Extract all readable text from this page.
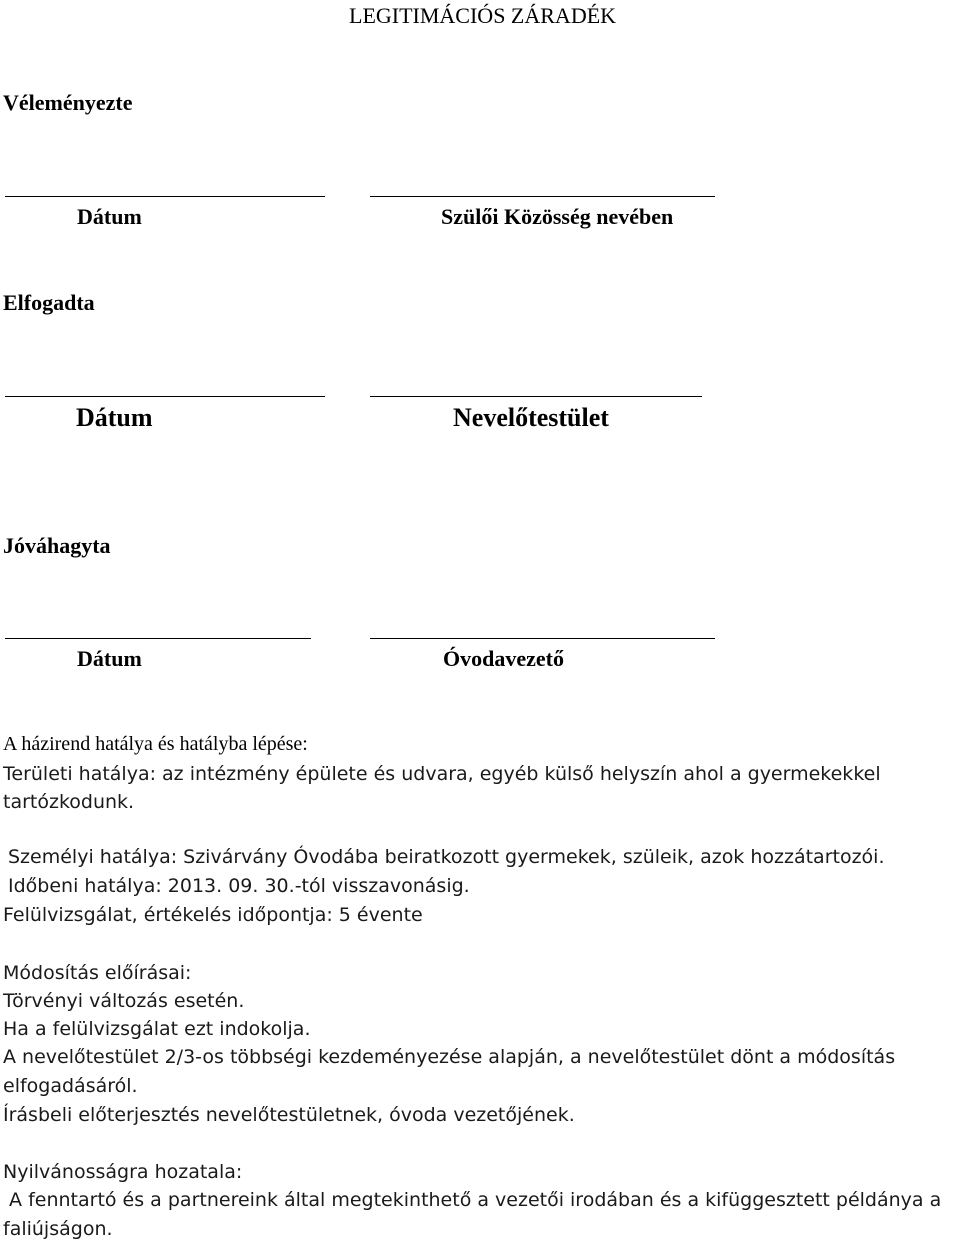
LEGITIMÁCIÓS ZÁRADÉK
Véleményezte
Dátum	Szülői Közösség nevében
Elfogadta
Dátum	Nevelőtestület
Jóváhagyta
Dátum	Óvodavezető
A házirend hatálya és hatályba lépése:
Területi hatálya: az intézmény épülete és udvara, egyéb külső helyszín ahol a gyermekekkel
tartózkodunk.
Személyi hatálya: Szivárvány Óvodába beiratkozott gyermekek, szüleik, azok hozzátartozói.
Időbeni hatálya: 2013. 09. 30.-tól visszavonásig.
Felülvizsgálat, értékelés időpontja: 5 évente
Módosítás előírásai:
Törvényi változás esetén.
Ha a felülvizsgálat ezt indokolja.
A nevelőtestület 2/3-os többségi kezdeményezése alapján, a nevelőtestület dönt a módosítás
elfogadásáról.
Írásbeli előterjesztés nevelőtestületnek, óvoda vezetőjének.
Nyilvánosságra hozatala:
A fenntartó és a partnereink által megtekinthető a vezetői irodában és a kifüggesztett példánya a
faliújságon.
